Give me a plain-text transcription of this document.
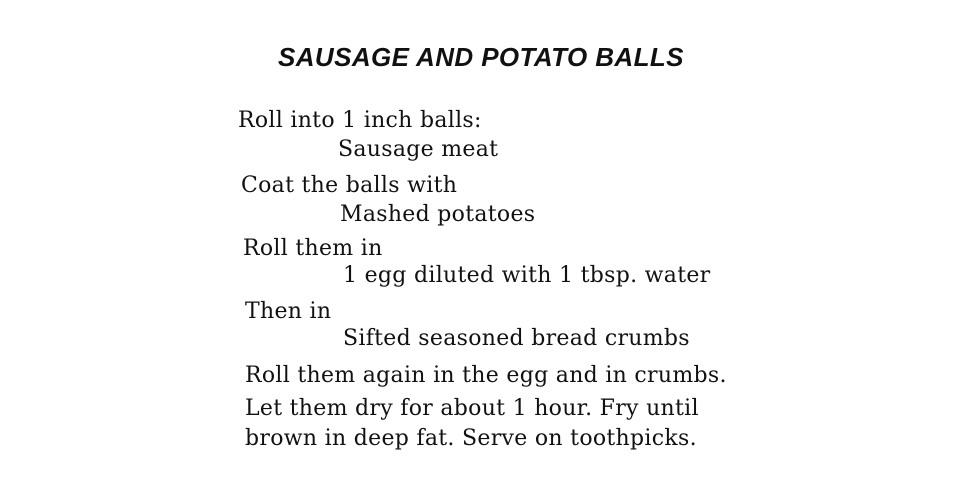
SAUSAGE AND POTATO BALLS
Roll into 1 inch balls:
Sausage meat
Coat the balls with
Mashed potatoes
Roll them in
1 egg diluted with 1 tbsp. water
Then in
Sifted seasoned bread crumbs
Roll them again in the egg and in crumbs.
Let them dry for about 1 hour. Fry until
brown in deep fat. Serve on toothpicks.
